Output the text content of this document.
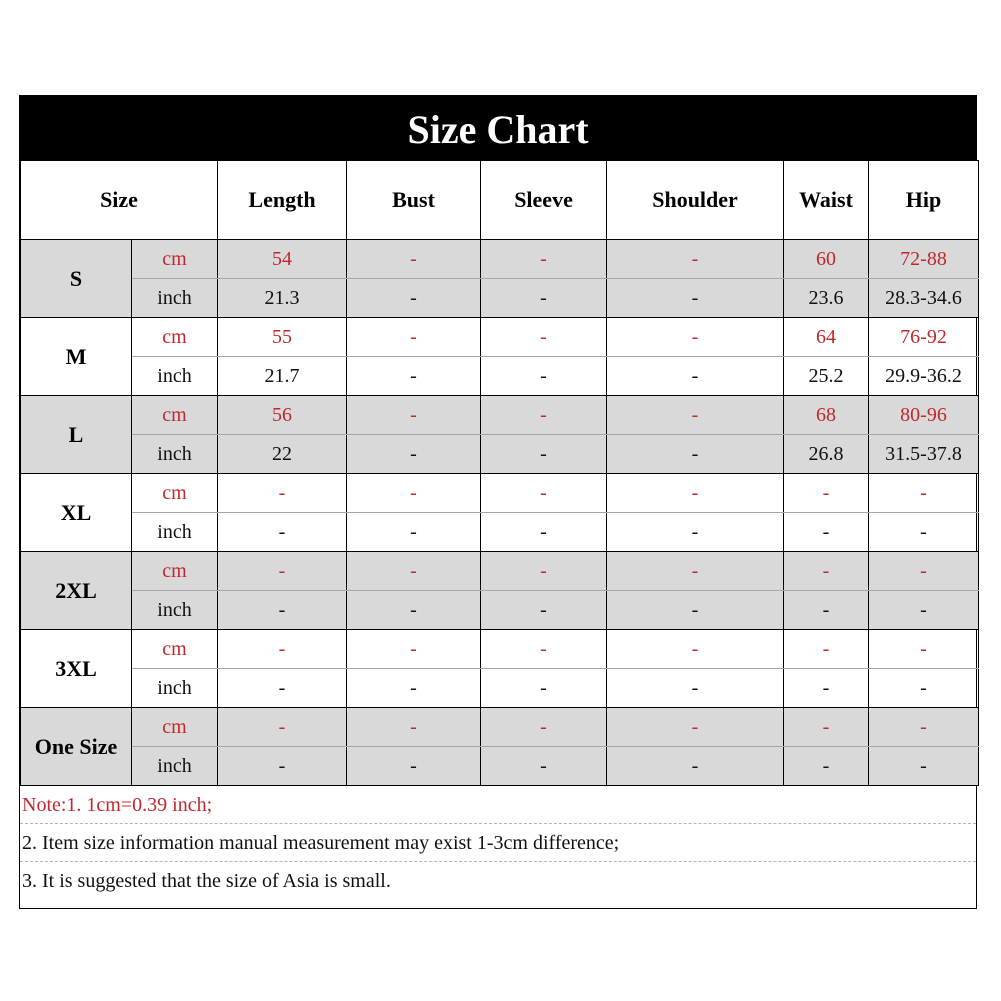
Size Chart
Size		Length	Bust	Sleeve	Shoulder	Waist	Hip
S	cm	54	-	-	-	60	72-88
	inch	21.3	-	-	-	23.6	28.3-34.6
M	cm	55	-	-	-	64	76-92
	inch	21.7	-	-	-	25.2	29.9-36.2
L	cm	56	-	-	-	68	80-96
	inch	22	-	-	-	26.8	31.5-37.8
XL	cm	-	-	-	-	-	-
	inch	-	-	-	-	-	-
2XL	cm	-	-	-	-	-	-
	inch	-	-	-	-	-	-
3XL	cm	-	-	-	-	-	-
	inch	-	-	-	-	-	-
One Size	cm	-	-	-	-	-	-
	inch	-	-	-	-	-	-
Note:1. 1cm=0.39 inch;
2. Item size information manual measurement may exist 1-3cm difference;
3. It is suggested that the size of Asia is small.
